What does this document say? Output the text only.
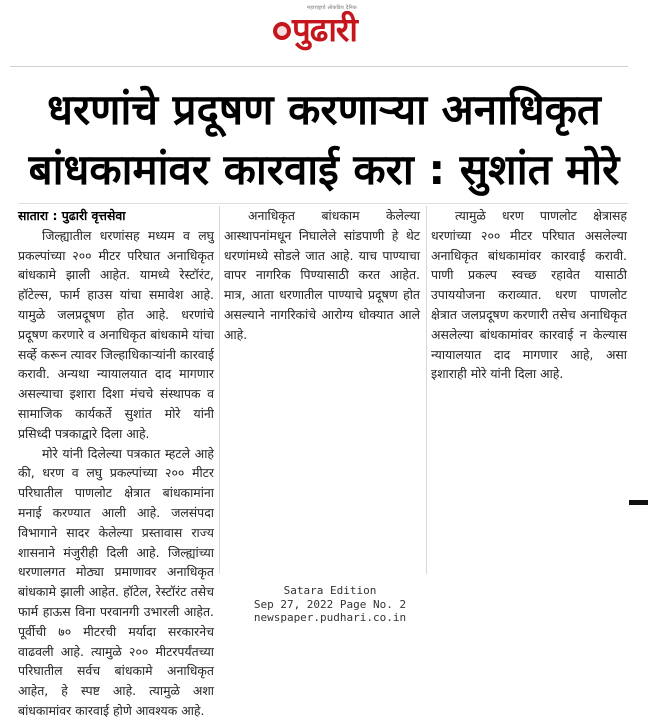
महाराष्ट्राचे लोकप्रिय दैनिक
पुढारी
धरणांचे प्रदूषण करणाऱ्या अनाधिकृत
बांधकामांवर कारवाई करा : सुशांत मोरे

सातारा : पुढारी वृत्तसेवा

जिल्ह्यातील धरणांसह मध्यम व लघु प्रकल्पांच्या २०० मीटर परिघात अनाधिकृत बांधकामे झाली आहेत. यामध्ये रेस्टॉरंट, हॉटेल्स, फार्म हाउस यांचा समावेश आहे. यामुळे जलप्रदूषण होत आहे. धरणांचे प्रदूषण करणारे व अनाधिकृत बांधकामे यांचा सर्व्हे करून त्यावर जिल्हाधिकाऱ्यांनी कारवाई करावी. अन्यथा न्यायालयात दाद मागणार असल्याचा इशारा दिशा मंचचे संस्थापक व सामाजिक कार्यकर्ते सुशांत मोरे यांनी प्रसिध्दी पत्रकाद्वारे दिला आहे.

मोरे यांनी दिलेल्या पत्रकात म्हटले आहे की, धरण व लघु प्रकल्पांच्या २०० मीटर परिघातील पाणलोट क्षेत्रात बांधकामांना मनाई करण्यात आली आहे. जलसंपदा विभागाने सादर केलेल्या प्रस्तावास राज्य शासनाने मंजुरीही दिली आहे. जिल्ह्यांच्या धरणालगत मोठ्या प्रमाणावर अनाधिकृत बांधकामे झाली आहेत. हॉटेल, रेस्टॉरंट तसेच फार्म हाऊस विना परवानगी उभारली आहेत. पूर्वीची ७० मीटरची मर्यादा सरकारनेच वाढवली आहे. त्यामुळे २०० मीटरपर्यंतच्या परिघातील सर्वच बांधकामे अनाधिकृत आहेत, हे स्पष्ट आहे. त्यामुळे अशा बांधकामांवर कारवाई होणे आवश्यक आहे.

अनाधिकृत बांधकाम केलेल्या आस्थापनांमधून निघालेले सांडपाणी हे थेट धरणांमध्ये सोडले जात आहे. याच पाण्याचा वापर नागरिक पिण्यासाठी करत आहेत. मात्र, आता धरणातील पाण्याचे प्रदूषण होत असल्याने नागरिकांचे आरोग्य धोक्यात आले आहे.

त्यामुळे धरण पाणलोट क्षेत्रासह धरणांच्या २०० मीटर परिघात असलेल्या अनाधिकृत बांधकामांवर कारवाई करावी. पाणी प्रकल्प स्वच्छ रहावेत यासाठी उपाययोजना कराव्यात. धरण पाणलोट क्षेत्रात जलप्रदूषण करणारी तसेच अनाधिकृत असलेल्या बांधकामांवर कारवाई न केल्यास न्यायालयात दाद मागणार आहे, असा इशाराही मोरे यांनी दिला आहे.

Satara Edition
Sep 27, 2022 Page No. 2
newspaper.pudhari.co.in
